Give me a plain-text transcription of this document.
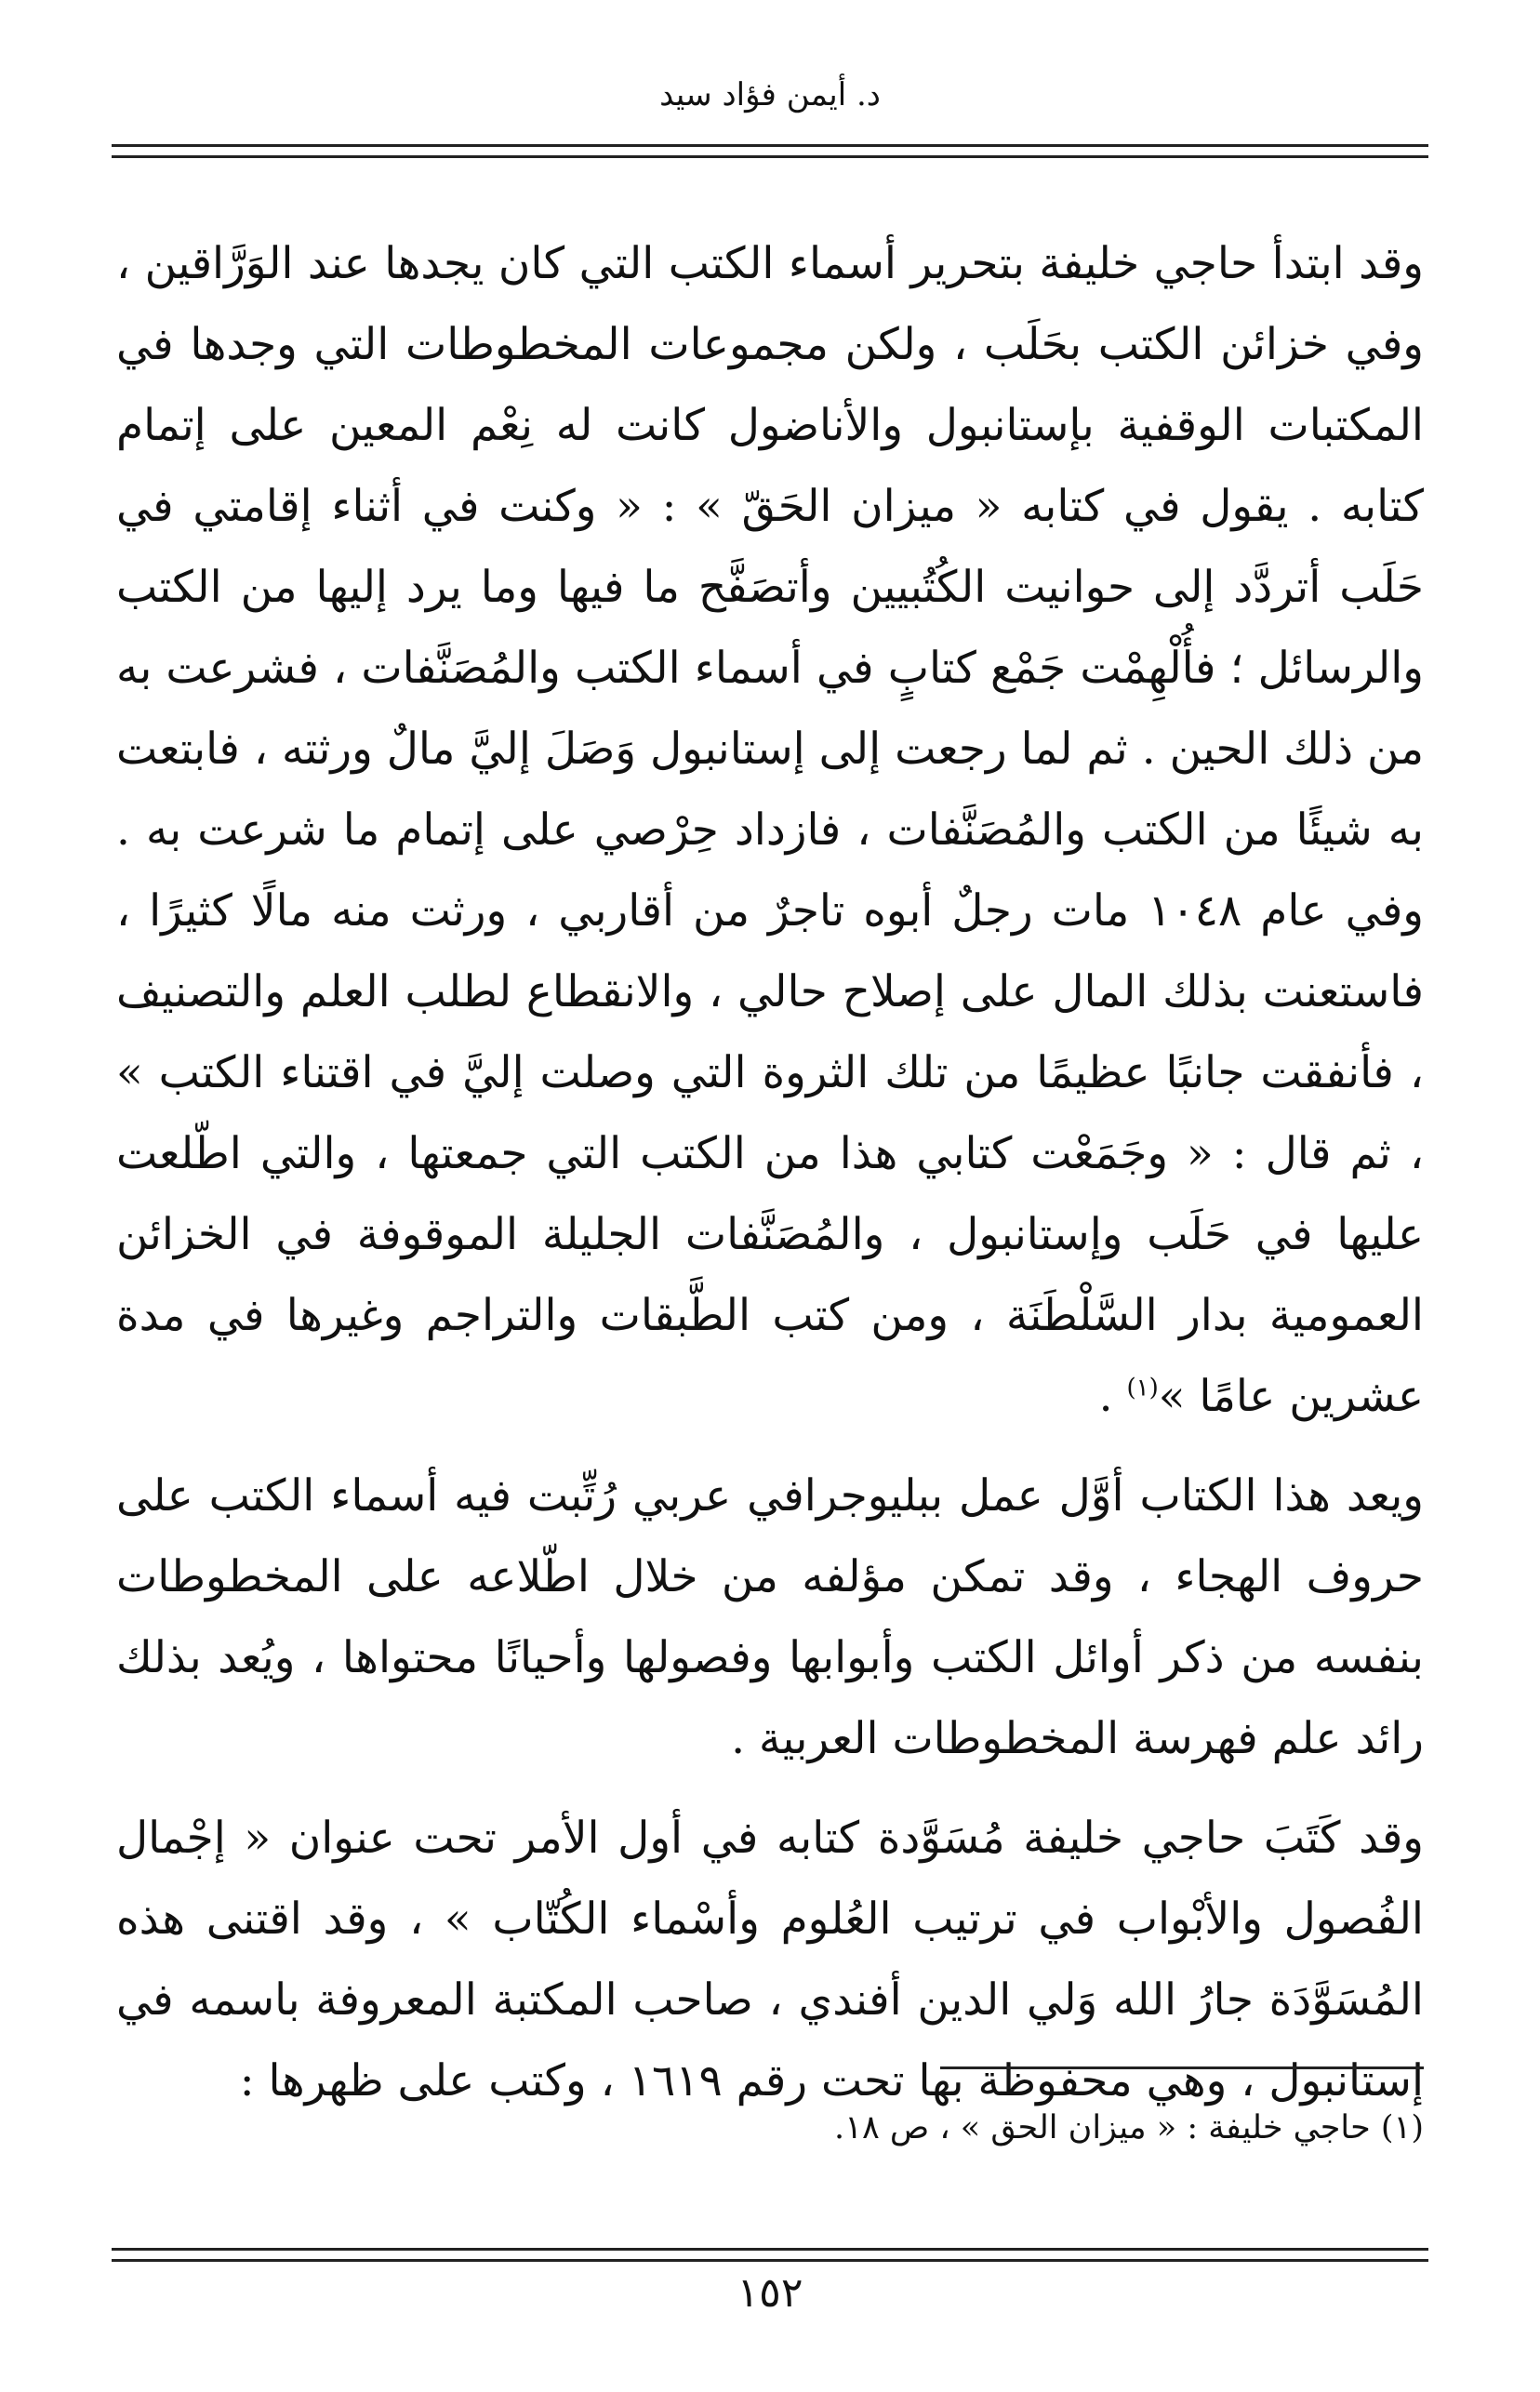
د. أيمن فؤاد سيد

وقد ابتدأ حاجي خليفة بتحرير أسماء الكتب التي كان يجدها عند الوَرَّاقين ، وفي خزائن الكتب بحَلَب ، ولكن مجموعات المخطوطات التي وجدها في المكتبات الوقفية بإستانبول والأناضول كانت له نِعْم المعين على إتمام كتابه . يقول في كتابه « ميزان الحَقّ » : « وكنت في أثناء إقامتي في حَلَب أتردَّد إلى حوانيت الكُتُبيين وأتصَفَّح ما فيها وما يرد إليها من الكتب والرسائل ؛ فأُلْهِمْت جَمْع كتابٍ في أسماء الكتب والمُصَنَّفات ، فشرعت به من ذلك الحين . ثم لما رجعت إلى إستانبول وَصَلَ إليَّ مالٌ ورثته ، فابتعت به شيئًا من الكتب والمُصَنَّفات ، فازداد حِرْصي على إتمام ما شرعت به . وفي عام ١٠٤٨ مات رجلٌ أبوه تاجرٌ من أقاربي ، ورثت منه مالًا كثيرًا ، فاستعنت بذلك المال على إصلاح حالي ، والانقطاع لطلب العلم والتصنيف ، فأنفقت جانبًا عظيمًا من تلك الثروة التي وصلت إليَّ في اقتناء الكتب » ، ثم قال : « وجَمَعْت كتابي هذا من الكتب التي جمعتها ، والتي اطّلعت عليها في حَلَب وإستانبول ، والمُصَنَّفات الجليلة الموقوفة في الخزائن العمومية بدار السَّلْطَنَة ، ومن كتب الطَّبقات والتراجم وغيرها في مدة عشرين عامًا »$^{(١)}$ .

ويعد هذا الكتاب أوَّل عمل ببليوجرافي عربي رُتِّبت فيه أسماء الكتب على حروف الهجاء ، وقد تمكن مؤلفه من خلال اطّلاعه على المخطوطات بنفسه من ذكر أوائل الكتب وأبوابها وفصولها وأحيانًا محتواها ، ويُعد بذلك رائد علم فهرسة المخطوطات العربية .

وقد كَتَبَ حاجي خليفة مُسَوَّدة كتابه في أول الأمر تحت عنوان « إجْمال الفُصول والأبْواب في ترتيب العُلوم وأسْماء الكُتّاب » ، وقد اقتنى هذه المُسَوَّدَة جارُ الله وَلي الدين أفندي ، صاحب المكتبة المعروفة باسمه في إستانبول ، وهي محفوظة بها تحت رقم ١٦١٩ ، وكتب على ظهرها :

(١) حاجي خليفة : « ميزان الحق » ، ص ١٨.
١٥٢
